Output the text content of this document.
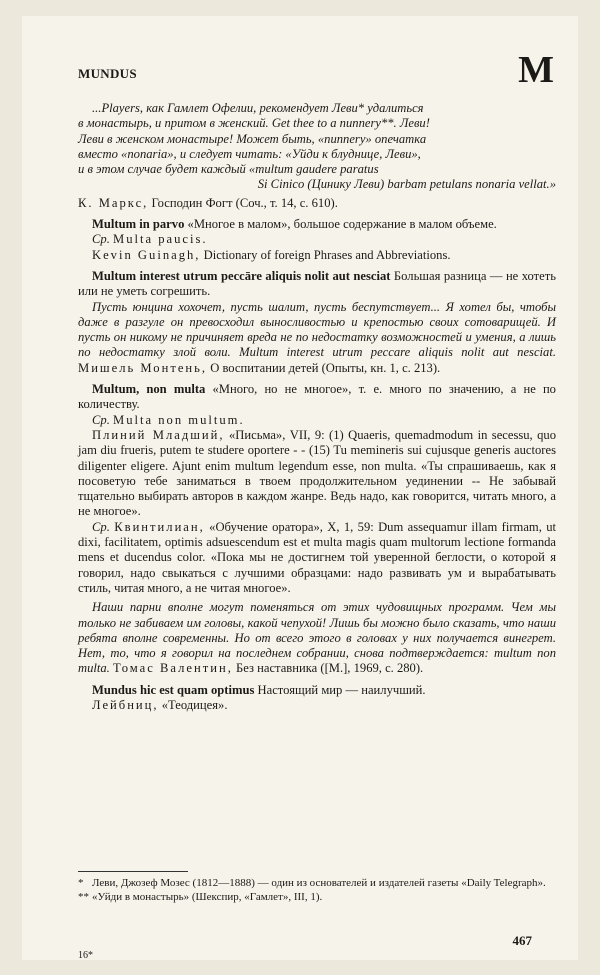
MUNDUS	M

...Players, как Гамлет Офелии, рекомендует Леви* удалиться

в монастырь, и притом в женский. Get thee to a nunnery**. Леви!

Леви в женском монастыре! Может быть, «nunnery» опечатка

вместо «nonaria», и следует читать: «Уйди к блуднице, Леви»,

и в этом случае будет каждый «multum gaudere paratus

Si Cinico (Цинику Леви) barbam petulans nonaria vellat.»

К. Маркс, Господин Фогт (Соч., т. 14, с. 610).

Multum in parvo «Многое в малом», большое содержание в малом объеме.

Ср. Multa paucis.

Kevin Guinagh, Dictionary of foreign Phrases and Abbreviations.

Multum interest utrum peccāre aliquis nolit aut nesciat Большая разница — не хотеть или не уметь согрешить.

Пусть юнцина хохочет, пусть шалит, пусть беспутствует... Я хотел бы, чтобы даже в разгуле он превосходил выносливостью и крепостью своих сотоварищей. И пусть он никому не причиняет вреда не по недостатку возможностей и умения, а лишь по недостатку злой воли. Multum interest utrum peccare aliquis nolit aut nesciat. Мишель Монтень, О воспитании детей (Опыты, кн. 1, с. 213).

Multum, non multa «Много, но не многое», т. е. много по значению, а не по количеству.

Ср. Multa non multum.

Плиний Младший, «Письма», VII, 9: (1) Quaeris, quemadmodum in secessu, quo jam diu frueris, putem te studere oportere - - (15) Tu memineris sui cujusque generis auctores diligenter eligere. Ajunt enim multum legendum esse, non multa. «Ты спрашиваешь, как я посоветую тебе заниматься в твоем продолжительном уединении -- Не забывай тщательно выбирать авторов в каждом жанре. Ведь надо, как говорится, читать много, а не многое».

Ср. Квинтилиан, «Обучение оратора», X, 1, 59: Dum assequamur illam firmam, ut dixi, facilitatem, optimis adsuescendum est et multa magis quam multorum lectione formanda mens et ducendus color. «Пока мы не достигнем той уверенной беглости, о которой я говорил, надо свыкаться с лучшими образцами: надо развивать ум и вырабатывать стиль, читая много, а не читая многое».

Наши парни вполне могут поменяться от этих чудовищных программ. Чем мы только не забиваем им головы, какой чепухой! Лишь бы можно было сказать, что наши ребята вполне современны. Но от всего этого в головах у них получается винегрет. Нет, то, что я говорил на последнем собрании, снова подтверждается: multum non multa. Томас Валентин, Без наставника ([М.], 1969, с. 280).

Mundus hic est quam optimus Настоящий мир — наилучший.

Лейбниц, «Теодицея».

* Леви, Джозеф Мозес (1812—1888) — один из основателей и издателей газеты «Daily Telegraph».
** «Уйди в монастырь» (Шекспир, «Гамлет», III, 1).
467
16*
